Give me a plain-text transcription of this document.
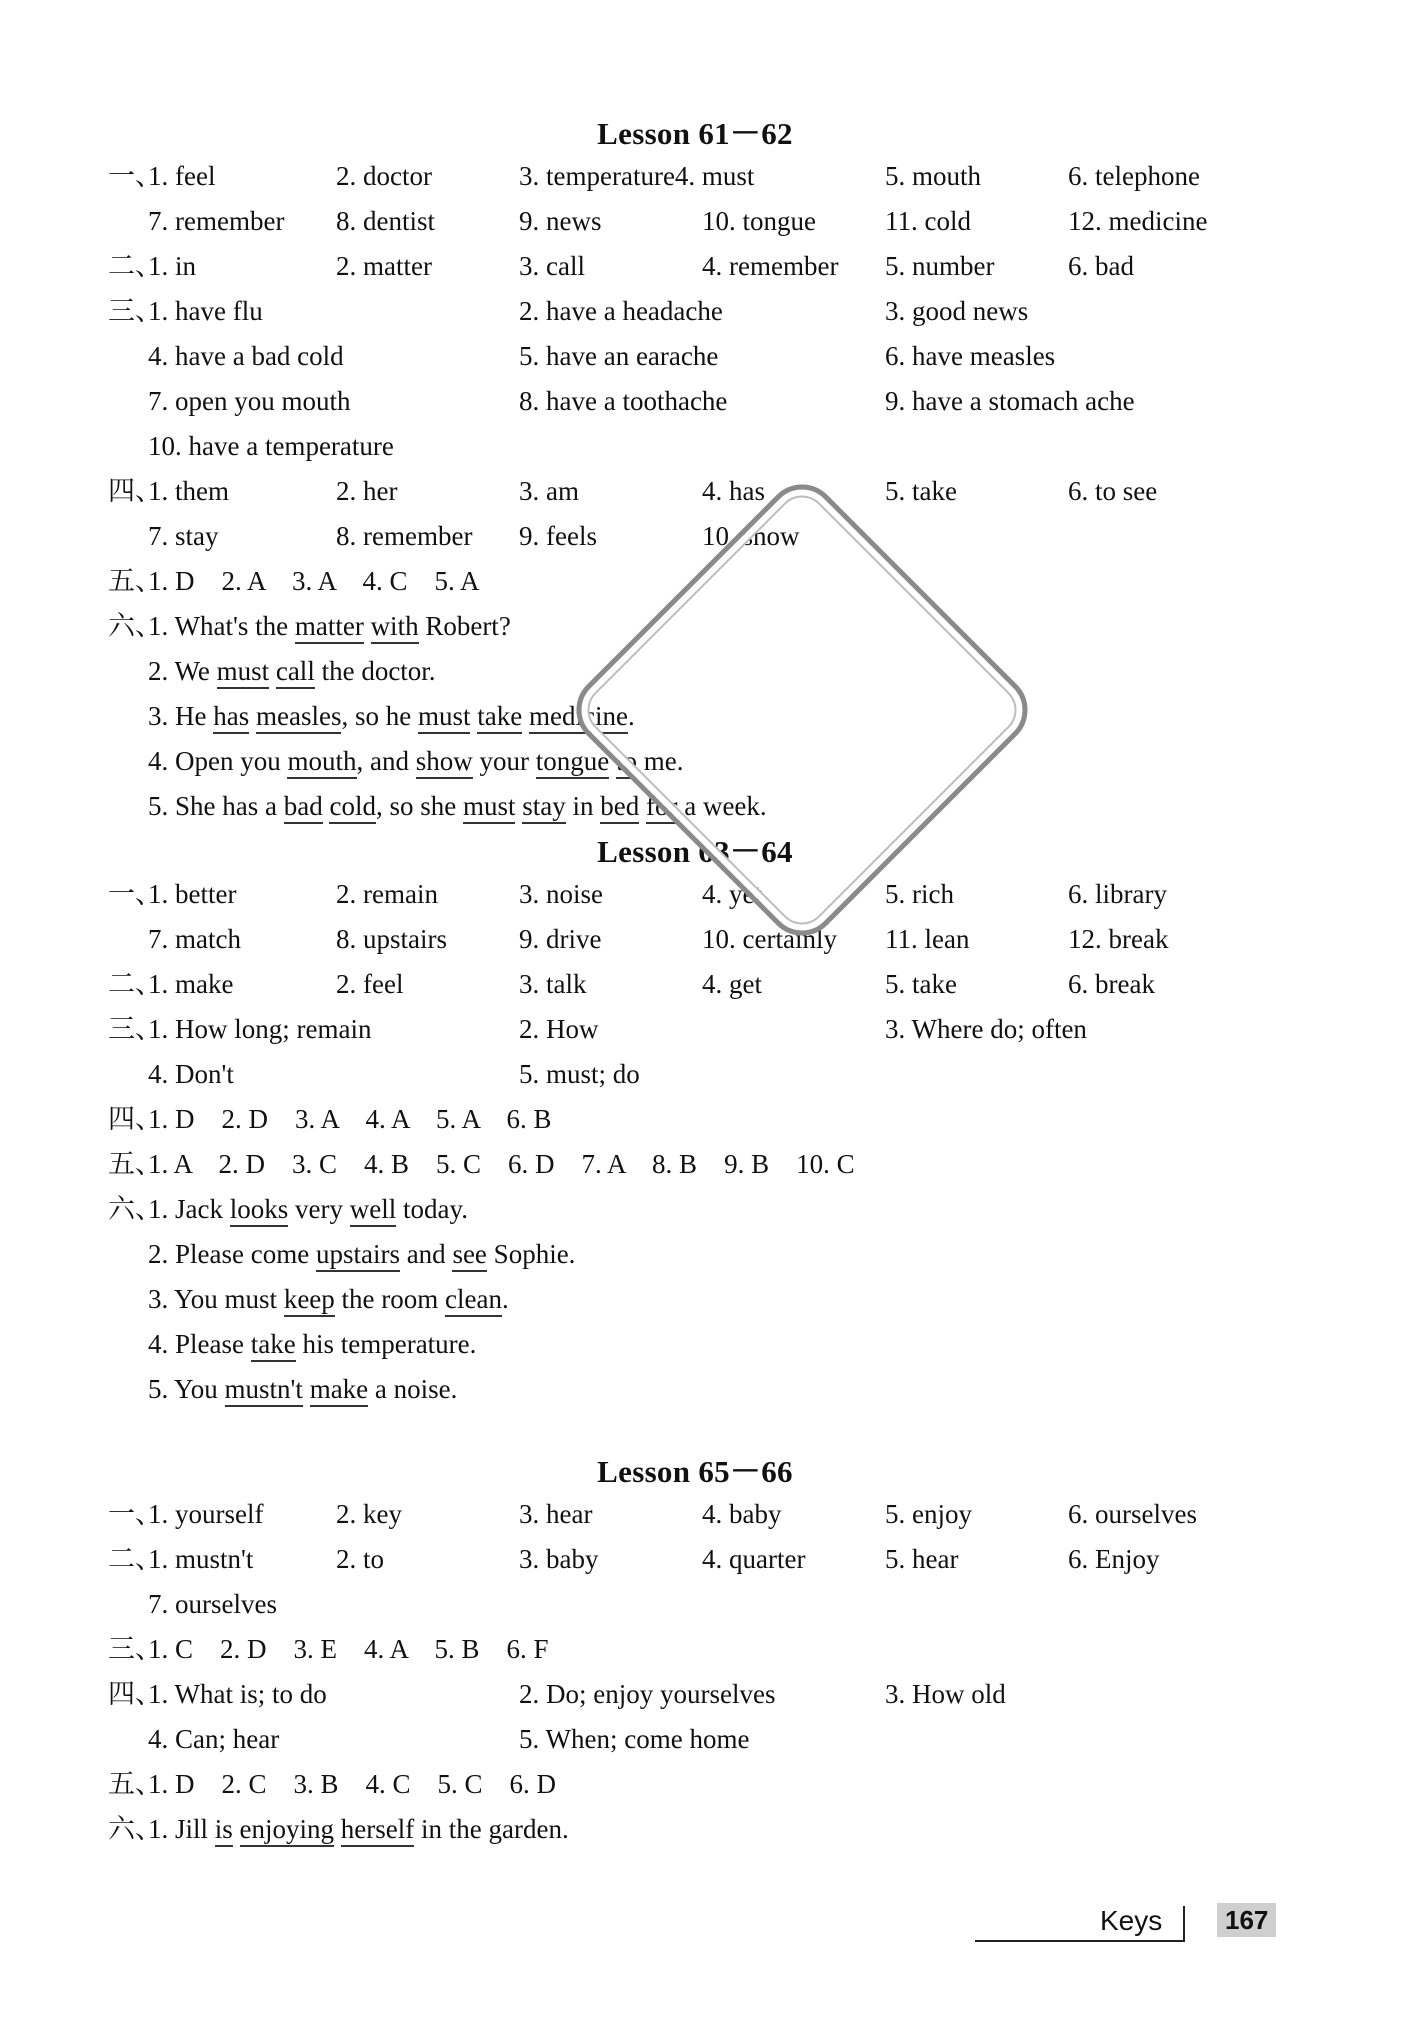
Lesson 61－62
一、
1. feel	2. doctor	3. temperature4. must	5. mouth	6. telephone
7. remember 8. dentist	9. news	10. tongue	11. cold	12. medicine
二、
1. in	2. matter	3. call	4. remember 5. number	6. bad
三、
1. have flu	2. have a headache	3. good news
4. have a bad cold	5. have an earache	6. have measles
7. open you mouth	8. have a toothache	9. have a stomach ache
10. have a temperature
四、
1. them	2. her	3. am	4. has	5. take	6. to see
7. stay	8. remember 9. feels	10. show
五、
1. D　2. A　3. A　4. C　5. A
六、
1. What's the matter with Robert?
2. We must call the doctor.
3. He has measles, so he must take medicine.
4. Open you mouth, and show your tongue to me.
5. She has a bad cold, so she must stay in bed for a week.
Lesson 63－64
一、
1. better	2. remain	3. noise	4. yet	5. rich	6. library
7. match	8. upstairs	9. drive	10. certainly 11. lean	12. break
二、
1. make	2. feel	3. talk	4. get	5. take	6. break
三、
1. How long; remain	2. How	3. Where do; often
4. Don't	5. must; do
四、
1. D　2. D　3. A　4. A　5. A　6. B
五、
1. A　2. D　3. C　4. B　5. C　6. D　7. A　8. B　9. B　10. C
六、
1. Jack looks very well today.
2. Please come upstairs and see Sophie.
3. You must keep the room clean.
4. Please take his temperature.
5. You mustn't make a noise.
Lesson 65－66
一、
1. yourself	2. key	3. hear	4. baby	5. enjoy	6. ourselves
二、
1. mustn't	2. to	3. baby	4. quarter	5. hear	6. Enjoy
7. ourselves
三、
1. C　2. D　3. E　4. A　5. B　6. F
四、
1. What is; to do	2. Do; enjoy yourselves	3. How old
4. Can; hear	5. When; come home
五、
1. D　2. C　3. B　4. C　5. C　6. D
六、
1. Jill is enjoying herself in the garden.
Keys	167
